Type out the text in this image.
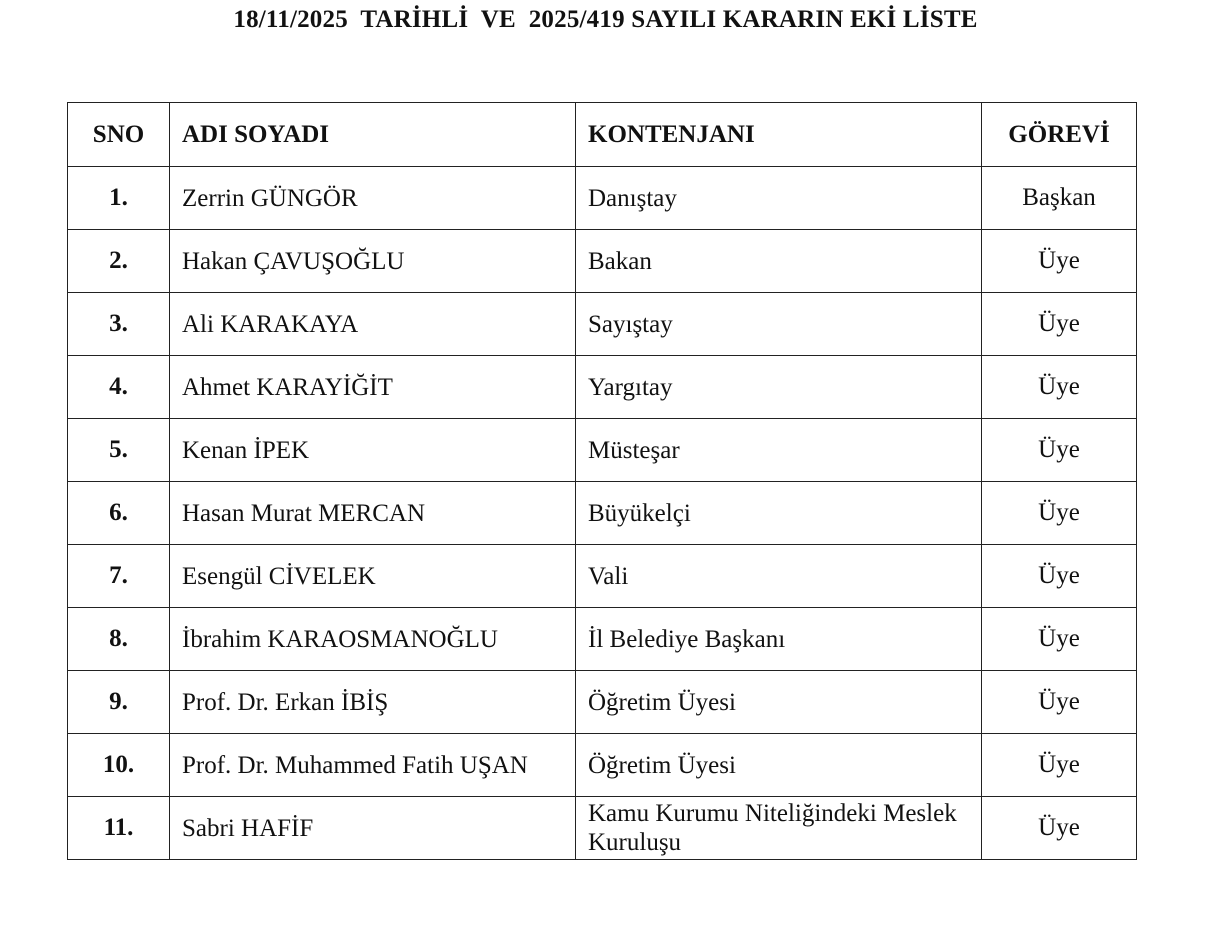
18/11/2025  TARİHLİ  VE  2025/419 SAYILI KARARIN EKİ LİSTE
SNO	ADI SOYADI	KONTENJANI	GÖREVİ
1.	Zerrin GÜNGÖR	Danıştay	Başkan
2.	Hakan ÇAVUŞOĞLU	Bakan	Üye
3.	Ali KARAKAYA	Sayıştay	Üye
4.	Ahmet KARAYİĞİT	Yargıtay	Üye
5.	Kenan İPEK	Müsteşar	Üye
6.	Hasan Murat MERCAN	Büyükelçi	Üye
7.	Esengül CİVELEK	Vali	Üye
8.	İbrahim KARAOSMANOĞLU	İl Belediye Başkanı	Üye
9.	Prof. Dr. Erkan İBİŞ	Öğretim Üyesi	Üye
10.	Prof. Dr. Muhammed Fatih UŞAN	Öğretim Üyesi	Üye
11.	Sabri HAFİF	Kamu Kurumu Niteliğindeki Meslek Kuruluşu	Üye
